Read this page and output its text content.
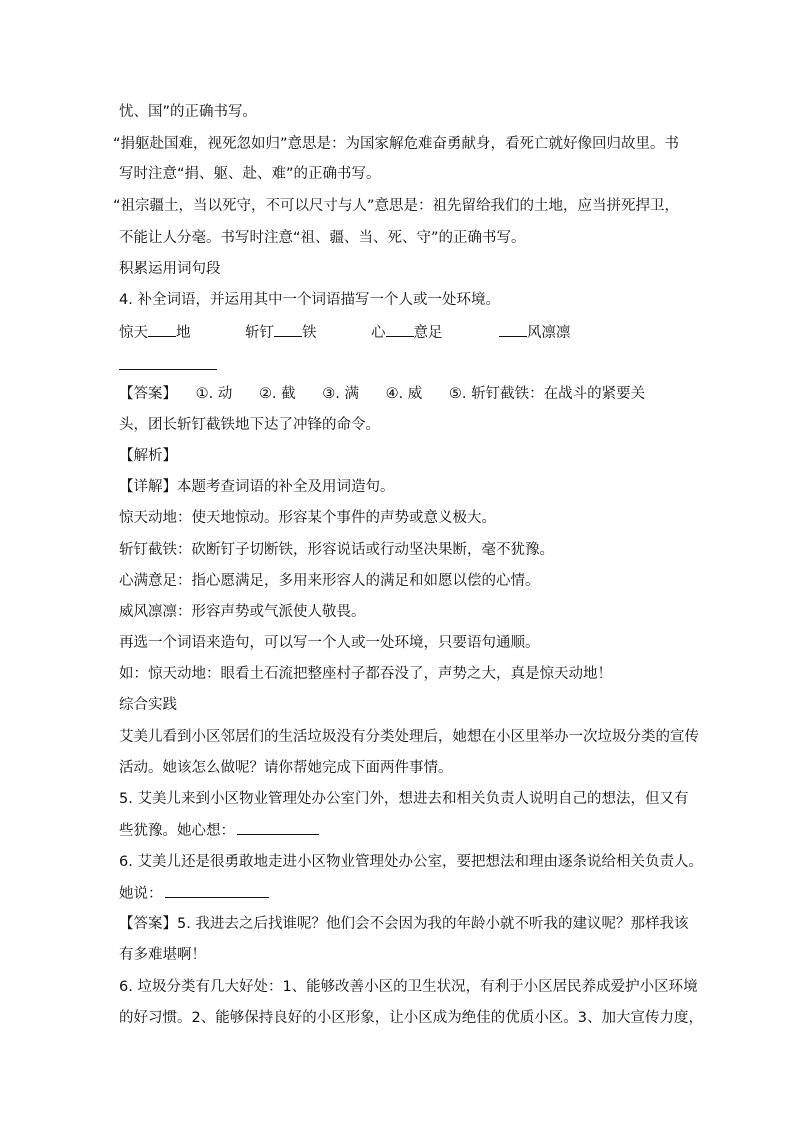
忧、国”的正确书写。
“捐躯赴国难，视死忽如归”意思是：为国家解危难奋勇献身，看死亡就好像回归故里。书
写时注意“捐、躯、赴、难”的正确书写。
“祖宗疆土，当以死守，不可以尺寸与人”意思是：祖先留给我们的土地，应当拼死捍卫，
不能让人分毫。书写时注意“祖、疆、当、死、守”的正确书写。
积累运用词句段
4. 补全词语，并运用其中一个词语描写一个人或一处环境。
惊天 地	斩钉 铁	心 意足	风凛凛
【答案】 ①. 动 ②. 截 ③. 满 ④. 威 ⑤. 斩钉截铁：在战斗的紧要关
头，团长斩钉截铁地下达了冲锋的命令。
【解析】
【详解】本题考查词语的补全及用词造句。
惊天动地：使天地惊动。形容某个事件的声势或意义极大。
斩钉截铁：砍断钉子切断铁，形容说话或行动坚决果断，毫不犹豫。
心满意足：指心愿满足，多用来形容人的满足和如愿以偿的心情。
威风凛凛：形容声势或气派使人敬畏。
再选一个词语来造句，可以写一个人或一处环境，只要语句通顺。
如：惊天动地：眼看土石流把整座村子都吞没了，声势之大，真是惊天动地！
综合实践
艾美儿看到小区邻居们的生活垃圾没有分类处理后，她想在小区里举办一次垃圾分类的宣传
活动。她该怎么做呢？请你帮她完成下面两件事情。
5. 艾美儿来到小区物业管理处办公室门外，想进去和相关负责人说明自己的想法，但又有
些犹豫。她心想：
6. 艾美儿还是很勇敢地走进小区物业管理处办公室，要把想法和理由逐条说给相关负责人。
她说：
【答案】5. 我进去之后找谁呢？他们会不会因为我的年龄小就不听我的建议呢？那样我该
有多难堪啊！
6. 垃圾分类有几大好处：1、能够改善小区的卫生状况，有利于小区居民养成爱护小区环境
的好习惯。2、能够保持良好的小区形象，让小区成为绝佳的优质小区。3、加大宣传力度，
